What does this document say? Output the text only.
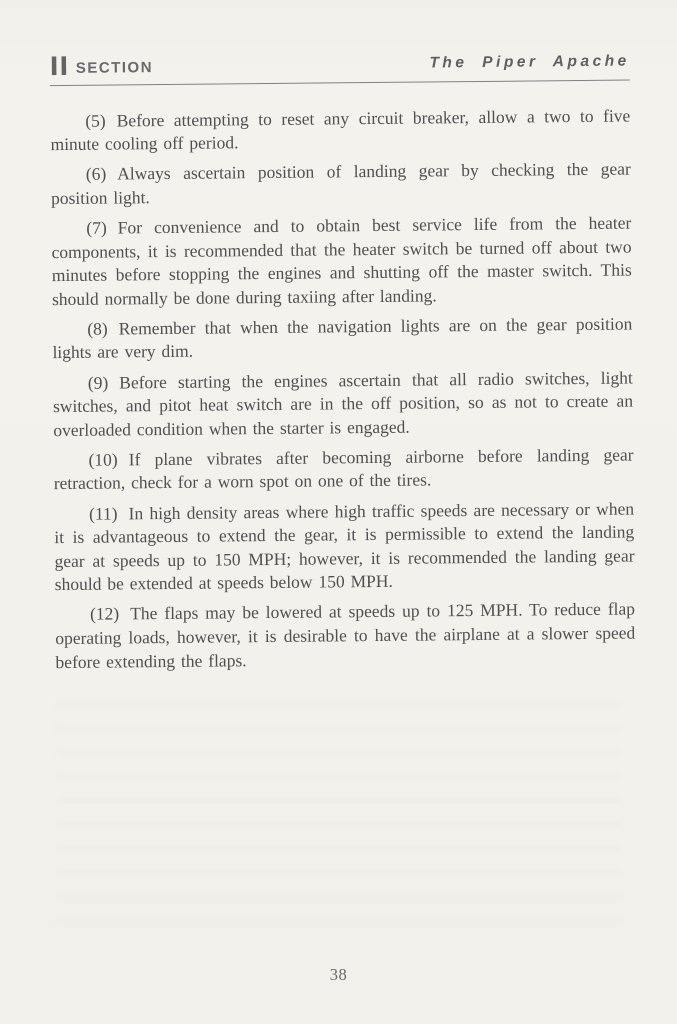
II SECTION	The Piper Apache

(5) Before attempting to reset any circuit breaker, allow a two to five minute cooling off period.

(6) Always ascertain position of landing gear by checking the gear position light.

(7) For convenience and to obtain best service life from the heater components, it is recommended that the heater switch be turned off about two minutes before stopping the engines and shutting off the master switch. This should normally be done during taxiing after landing.

(8) Remember that when the navigation lights are on the gear position lights are very dim.

(9) Before starting the engines ascertain that all radio switches, light switches, and pitot heat switch are in the off position, so as not to create an overloaded condition when the starter is engaged.

(10) If plane vibrates after becoming airborne before landing gear retraction, check for a worn spot on one of the tires.

(11) In high density areas where high traffic speeds are necessary or when it is advantageous to extend the gear, it is permissible to extend the landing gear at speeds up to 150 MPH; however, it is recommended the landing gear should be extended at speeds below 150 MPH.

(12) The flaps may be lowered at speeds up to 125 MPH. To reduce flap operating loads, however, it is desirable to have the airplane at a slower speed before extending the flaps.

38
